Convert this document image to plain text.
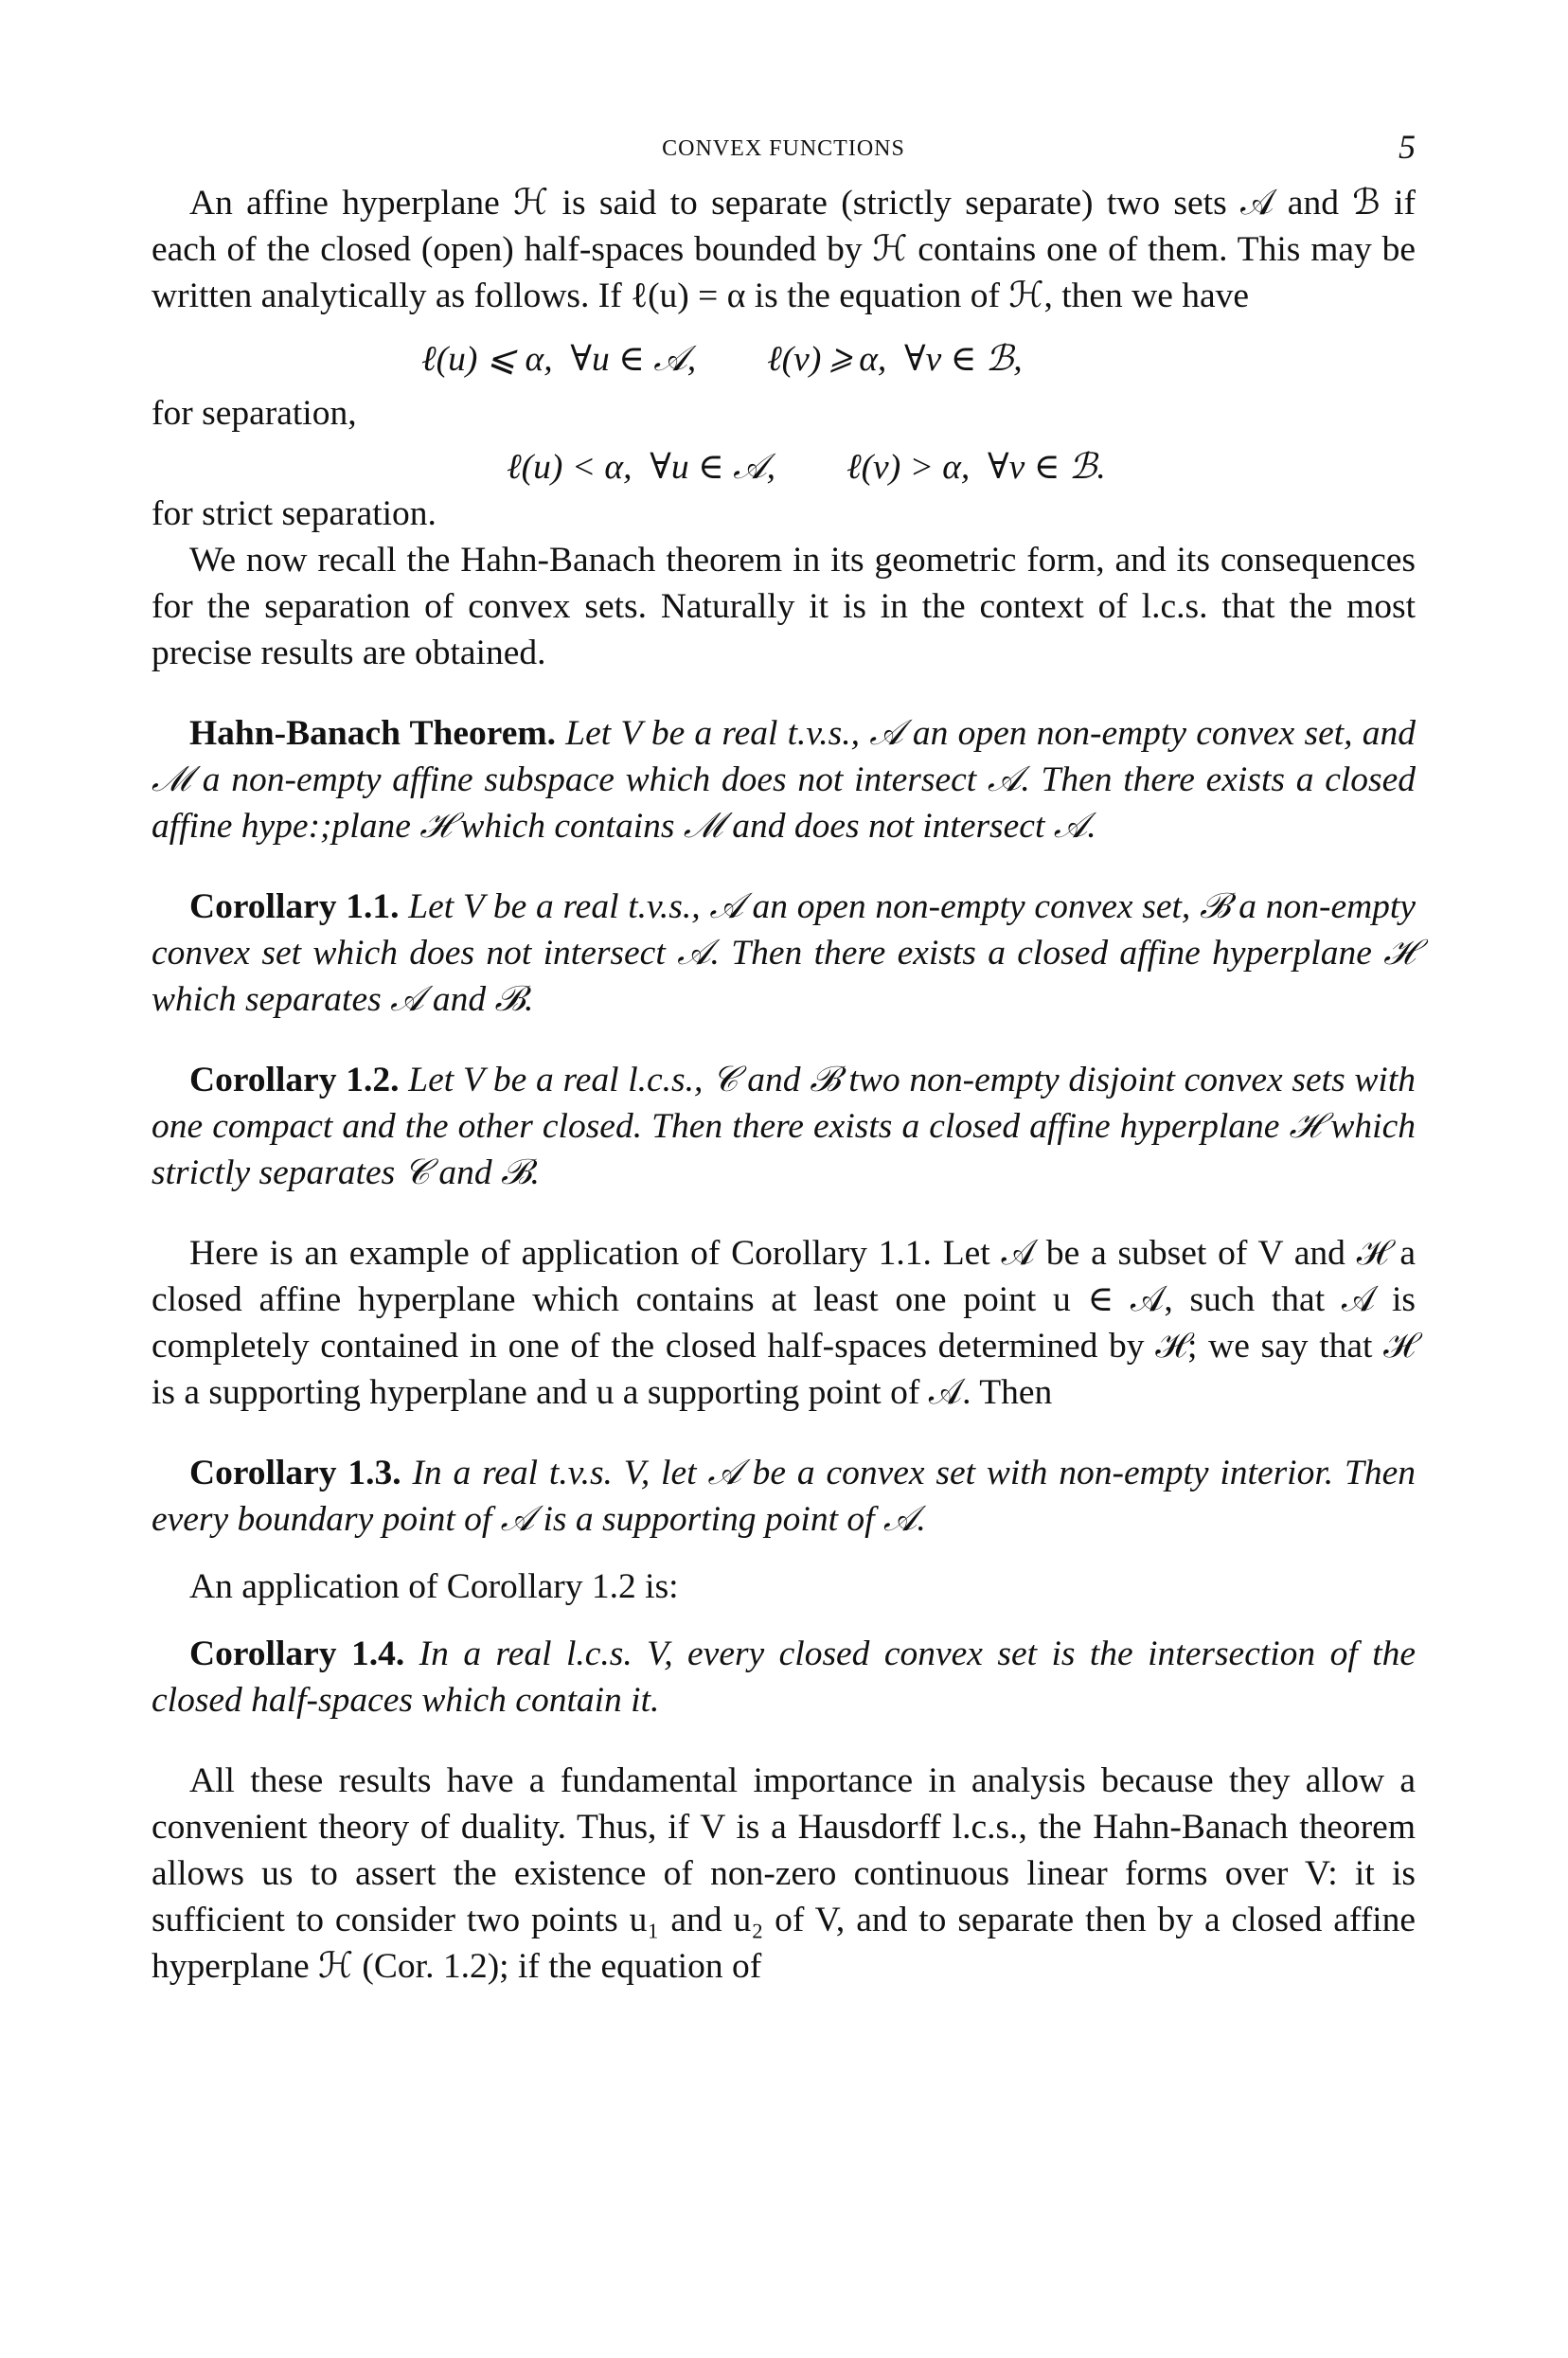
CONVEX FUNCTIONS	5

An affine hyperplane ℋ is said to separate (strictly separate) two sets 𝒜 and ℬ if each of the closed (open) half-spaces bounded by ℋ contains one of them. This may be written analytically as follows. If ℓ(u) = α is the equation of ℋ, then we have

ℓ(u) ⩽ α,  ∀u ∈ 𝒜,        ℓ(v) ⩾ α,  ∀v ∈ ℬ,
for separation,
ℓ(u) < α,  ∀u ∈ 𝒜,        ℓ(v) > α,  ∀v ∈ ℬ.
for strict separation.

We now recall the Hahn-Banach theorem in its geometric form, and its consequences for the separation of convex sets. Naturally it is in the context of l.c.s. that the most precise results are obtained.

Hahn-Banach Theorem. Let V be a real t.v.s., 𝒜 an open non-empty convex set, and ℳ a non-empty affine subspace which does not intersect 𝒜. Then there exists a closed affine hype:;plane ℋ which contains ℳ and does not intersect 𝒜.

Corollary 1.1. Let V be a real t.v.s., 𝒜 an open non-empty convex set, ℬ a non-empty convex set which does not intersect 𝒜. Then there exists a closed affine hyperplane ℋ which separates 𝒜 and ℬ.

Corollary 1.2. Let V be a real l.c.s., 𝒞 and ℬ two non-empty disjoint convex sets with one compact and the other closed. Then there exists a closed affine hyperplane ℋ which strictly separates 𝒞 and ℬ.

Here is an example of application of Corollary 1.1. Let 𝒜 be a subset of V and ℋ a closed affine hyperplane which contains at least one point u ∈ 𝒜, such that 𝒜 is completely contained in one of the closed half-spaces determined by ℋ; we say that ℋ is a supporting hyperplane and u a supporting point of 𝒜. Then

Corollary 1.3. In a real t.v.s. V, let 𝒜 be a convex set with non-empty interior. Then every boundary point of 𝒜 is a supporting point of 𝒜.

An application of Corollary 1.2 is:

Corollary 1.4. In a real l.c.s. V, every closed convex set is the intersection of the closed half-spaces which contain it.

All these results have a fundamental importance in analysis because they allow a convenient theory of duality. Thus, if V is a Hausdorff l.c.s., the Hahn-Banach theorem allows us to assert the existence of non-zero continuous linear forms over V: it is sufficient to consider two points u₁ and u₂ of V, and to separate then by a closed affine hyperplane ℋ (Cor. 1.2); if the equation of
